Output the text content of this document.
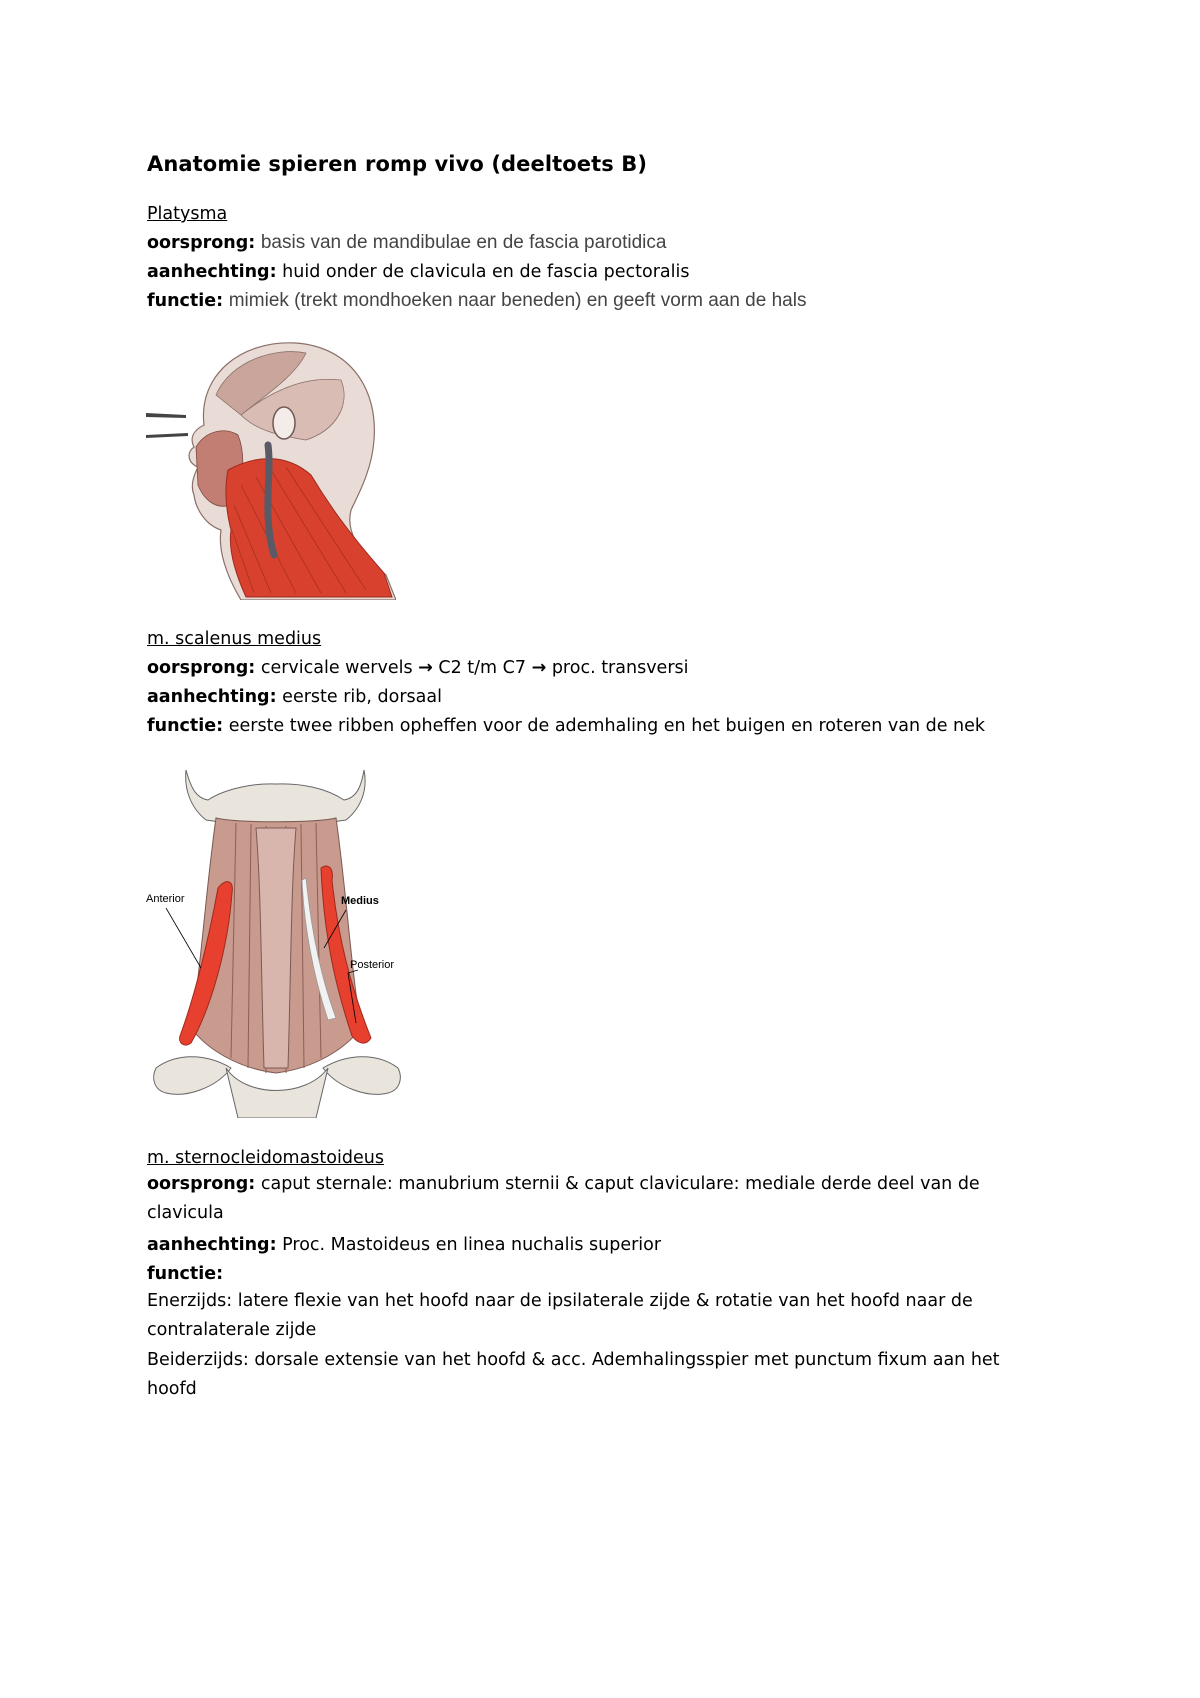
Anatomie spieren romp vivo (deeltoets B)
Platysma
oorsprong: basis van de mandibulae en de fascia parotidica
aanhechting: huid onder de clavicula en de fascia pectoralis
functie: mimiek (trekt mondhoeken naar beneden) en geeft vorm aan de hals
m. scalenus medius
oorsprong: cervicale wervels → C2 t/m C7 → proc. transversi
aanhechting: eerste rib, dorsaal
functie: eerste twee ribben opheffen voor de ademhaling en het buigen en roteren van de nek
Anterior	Medius
Posterior
m. sternocleidomastoideus
oorsprong: caput sternale: manubrium sternii & caput claviculare: mediale derde deel van de clavicula
aanhechting: Proc. Mastoideus en linea nuchalis superior
functie:
Enerzijds: latere flexie van het hoofd naar de ipsilaterale zijde & rotatie van het hoofd naar de contralaterale zijde
Beiderzijds: dorsale extensie van het hoofd & acc. Ademhalingsspier met punctum fixum aan het hoofd
